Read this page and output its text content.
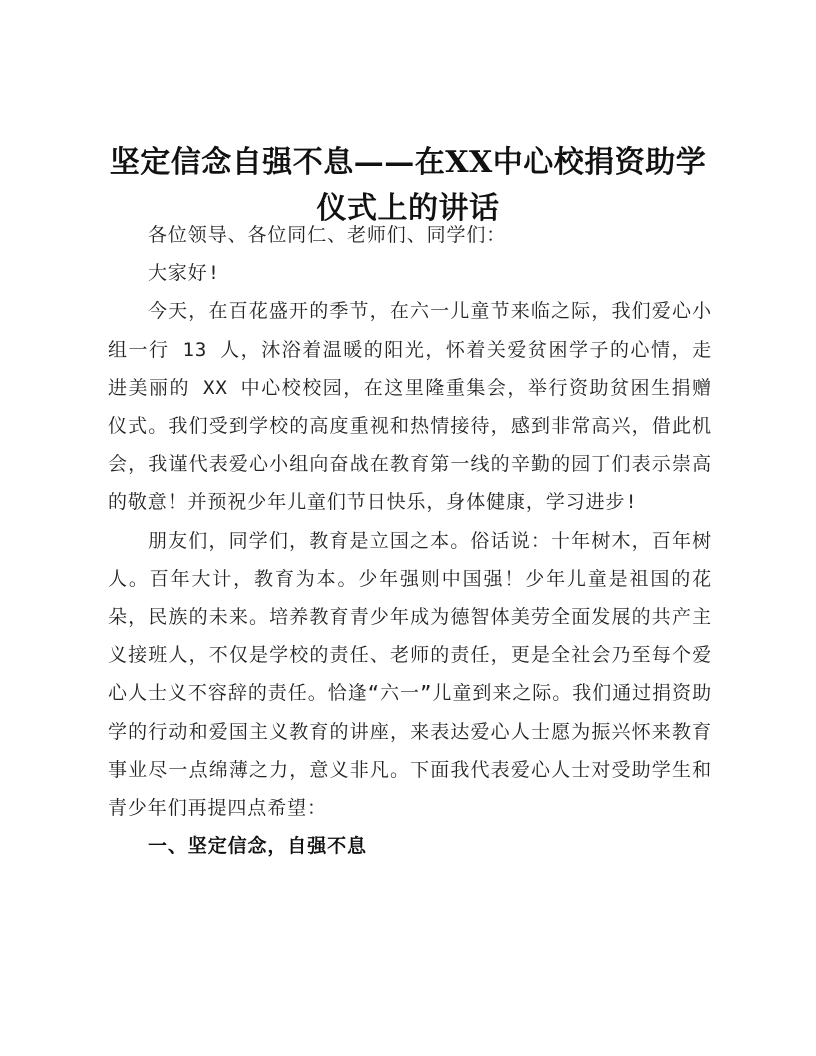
坚定信念自强不息——在XX中心校捐资助学
仪式上的讲话

各位领导、各位同仁、老师们、同学们：

大家好!

今天，在百花盛开的季节，在六一儿童节来临之际，我们爱心小组一行 13 人，沐浴着温暖的阳光，怀着关爱贫困学子的心情，走进美丽的 XX 中心校校园，在这里隆重集会，举行资助贫困生捐赠仪式。我们受到学校的高度重视和热情接待，感到非常高兴，借此机会，我谨代表爱心小组向奋战在教育第一线的辛勤的园丁们表示崇高的敬意！并预祝少年儿童们节日快乐，身体健康，学习进步!

朋友们，同学们，教育是立国之本。俗话说：十年树木，百年树人。百年大计，教育为本。少年强则中国强！少年儿童是祖国的花朵，民族的未来。培养教育青少年成为德智体美劳全面发展的共产主义接班人，不仅是学校的责任、老师的责任，更是全社会乃至每个爱心人士义不容辞的责任。恰逢“六一”儿童到来之际。我们通过捐资助学的行动和爱国主义教育的讲座，来表达爱心人士愿为振兴怀来教育事业尽一点绵薄之力，意义非凡。下面我代表爱心人士对受助学生和青少年们再提四点希望：

一、坚定信念，自强不息
